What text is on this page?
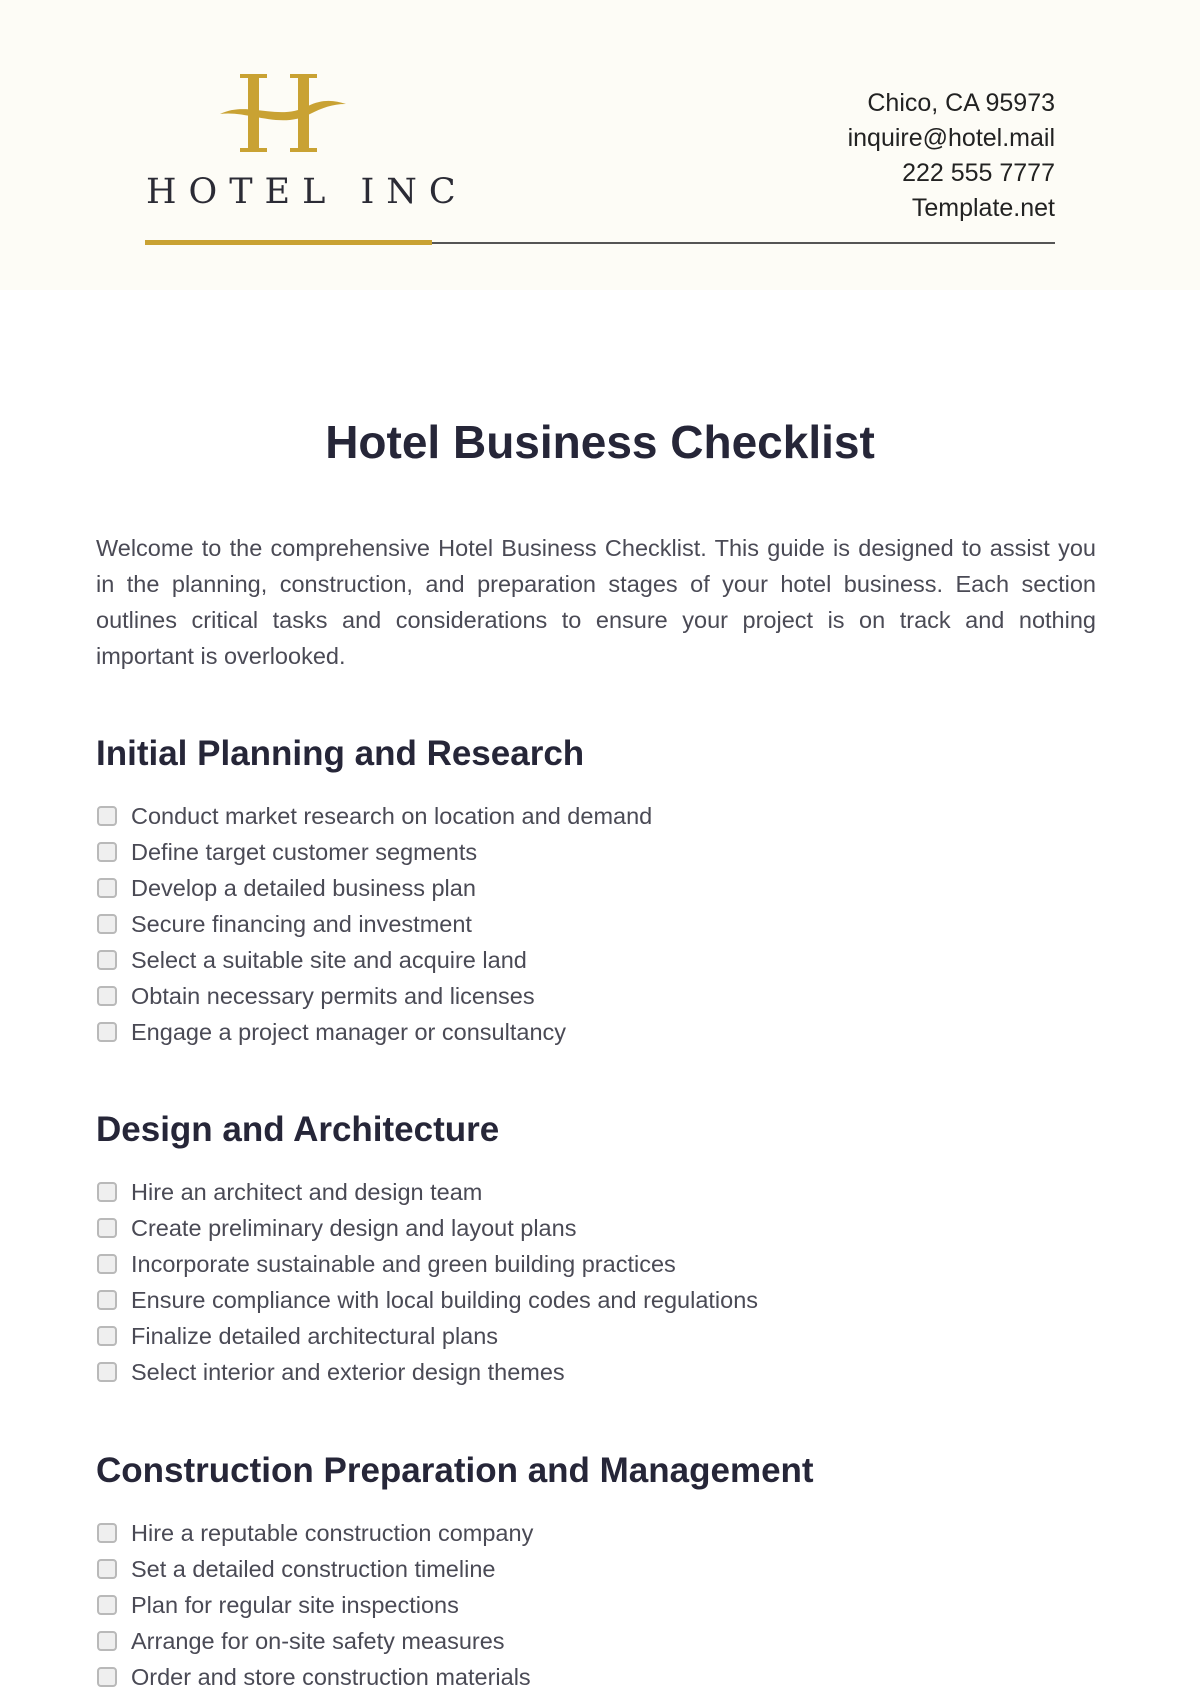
HOTEL INC
Chico, CA 95973
inquire@hotel.mail
222 555 7777
Template.net
Hotel Business Checklist

Welcome to the comprehensive Hotel Business Checklist. This guide is designed to assist you in the planning, construction, and preparation stages of your hotel business. Each section outlines critical tasks and considerations to ensure your project is on track and nothing important is overlooked.

Initial Planning and Research
Conduct market research on location and demand
Define target customer segments
Develop a detailed business plan
Secure financing and investment
Select a suitable site and acquire land
Obtain necessary permits and licenses
Engage a project manager or consultancy
Design and Architecture
Hire an architect and design team
Create preliminary design and layout plans
Incorporate sustainable and green building practices
Ensure compliance with local building codes and regulations
Finalize detailed architectural plans
Select interior and exterior design themes
Construction Preparation and Management
Hire a reputable construction company
Set a detailed construction timeline
Plan for regular site inspections
Arrange for on-site safety measures
Order and store construction materials
